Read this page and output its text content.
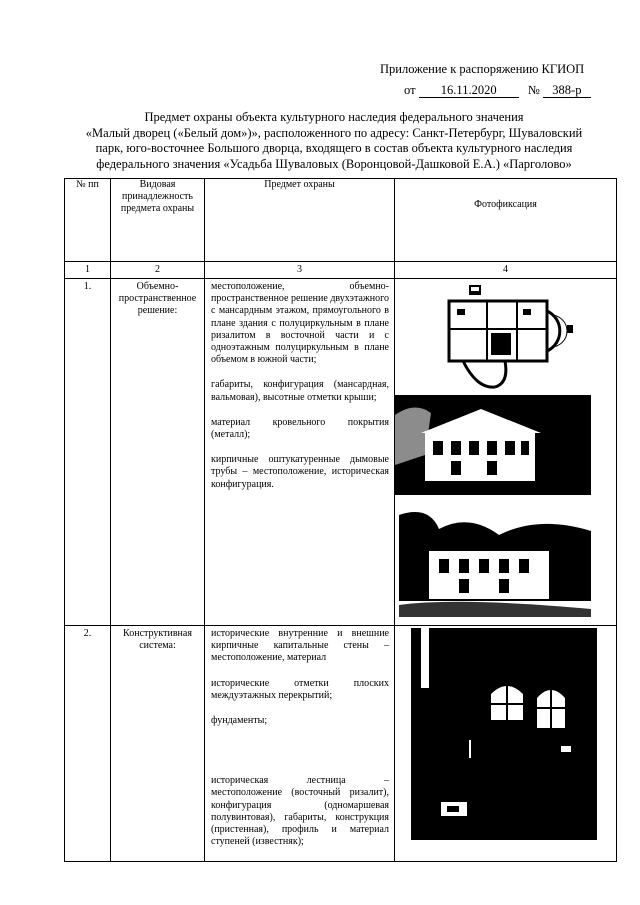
Приложение к распоряжению КГИОП
от 16.11.2020 № 388-р
Предмет охраны объекта культурного наследия федерального значения
«Малый дворец («Белый дом»)», расположенного по адресу: Санкт-Петербург, Шуваловский
парк, юго-восточнее Большого дворца, входящего в состав объекта культурного наследия
федерального значения «Усадьба Шуваловых (Воронцовой-Дашковой Е.А.) «Парголово»
№ пп	Видовая принадлежность предмета охраны	Предмет охраны	Фотофиксация
1	2	3	4
1.	Объемно-пространственное решение:	местоположение, объемно-пространственное решение двухэтажного с мансардным этажом, прямоугольного в плане здания с полуциркульным в плане ризалитом в восточной части и с одноэтажным полуциркульным в плане объемом в южной части;

габариты, конфигурация (мансардная, вальмовая), высотные отметки крыши;

материал кровельного покрытия (металл);

кирпичные оштукатуренные дымовые трубы – местоположение, историческая конфигурация.

2.	Конструктивная система:	исторические внутренние и внешние кирпичные капитальные стены – местоположение, материал

исторические отметки плоских междуэтажных перекрытий;

фундаменты;

историческая лестница – местоположение (восточный ризалит), конфигурация (одномаршевая полувинтовая), габариты, конструкция (пристенная), профиль и материал ступеней (известняк);
